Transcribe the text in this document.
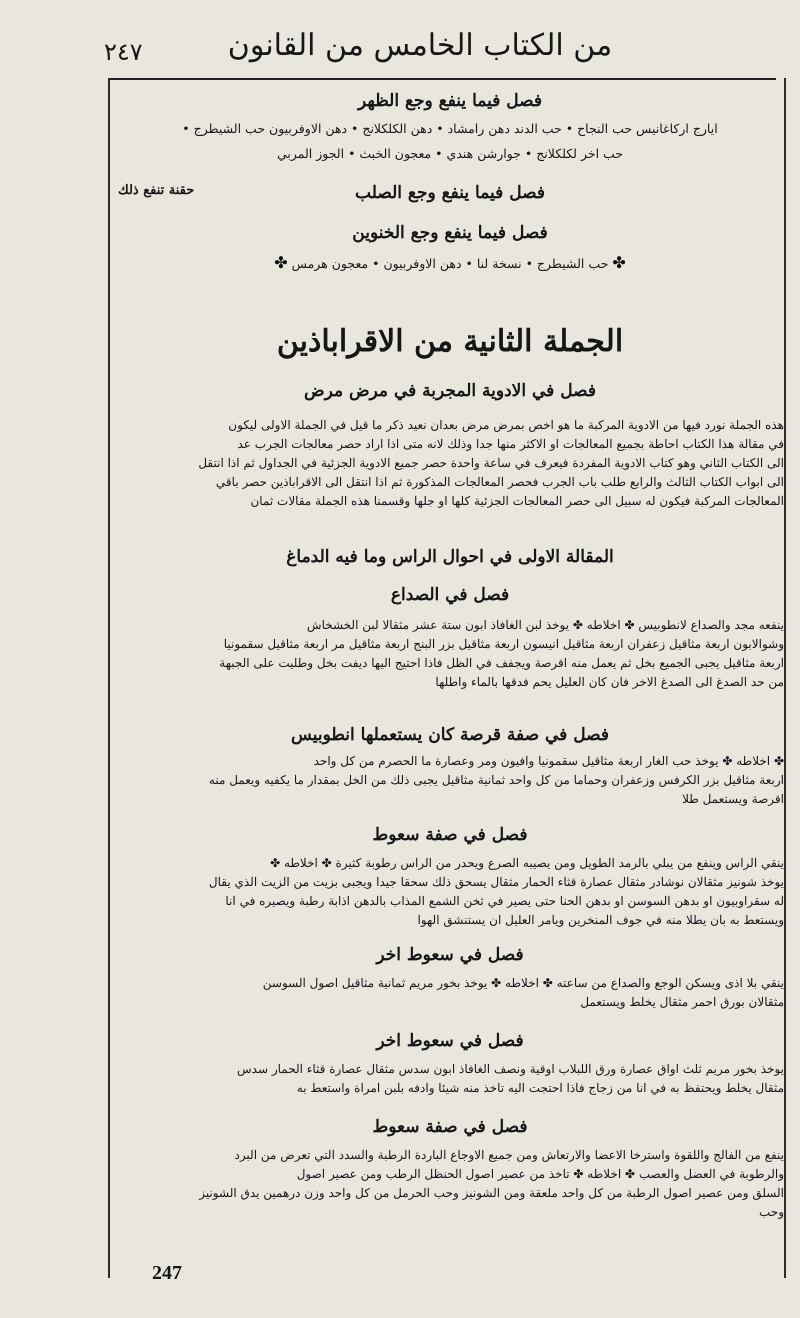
٢٤٧	من الكتاب الخامس من القانون
حقنة تنفع ذلك
فصل فيما ينفع وجع الظهر
ايارج اركاغانيس حب النجاح • حب الدند دهن رامشاد • دهن الكلكلانج • دهن الاوفربيون حب الشيطرج •
حب اخر لكلكلانج • جوارشن هندي • معجون الخبث • الجوز المربي
فصل فيما ينفع وجع الصلب
فصل فيما ينفع وجع الخنوين
✤ حب الشيطرج • نسخة لنا • دهن الاوفربيون • معجون هرمس ✤
الجملة الثانية من الاقراباذين
فصل في الادوية المجربة في مرض مرض
هذه الجملة نورد فيها من الادوية المركبة ما هو اخص بمرض مرض بعدان نعيد ذكر ما قيل في الجملة الاولى ليكون
في مقالة هذا الكتاب احاطة بجميع المعالجات او الاكثر منها جدا وذلك لانه متى اذا اراد حصر معالجات الجرب عد
الى الكتاب الثاني وهو كتاب الادوية المفردة فيعرف في ساعة واحدة حصر جميع الادوية الجزئية في الجداول ثم اذا انتقل
الى ابواب الكتاب الثالث والرابع طلب باب الجرب فحصر المعالجات المذكورة ثم اذا انتقل الى الاقراباذين حصر باقي
المعالجات المركبة فيكون له سبيل الى حصر المعالجات الجزئية كلها او جلها وقسمنا هذه الجملة مقالات ثمان
المقالة الاولى في احوال الراس وما فيه الدماغ
فصل في الصداع
ينفعه مجد والصداع لانطوبيس ✤ اخلاطه ✤ يوخذ لبن الغافاذ ابون ستة عشر مثقالا لبن الخشخاش
وشوالابون اربعة مثاقيل زعفران اربعة مثاقيل انيسون اربعة مثاقيل بزر البنج اربعة مثاقيل مر اربعة مثاقيل سقمونيا
اربعة مثاقيل يجبى الجميع بخل ثم يعمل منه اقرصة ويجفف في الظل فاذا احتيج اليها ديفت بخل وطليت على الجبهة
من حد الصدغ الى الصدغ الاخر فان كان العليل يحم فدقها بالماء واطلها
فصل في صفة قرصة كان يستعملها انطوبيس
✤ اخلاطه ✤ يوخذ حب الغار اربعة مثاقيل سقمونيا وافيون ومر وعصارة ما الحصرم من كل واحد
اربعة مثاقيل بزر الكرفس وزعفران وحماما من كل واحد ثمانية مثاقيل يجبى ذلك من الخل بمقدار ما يكفيه ويعمل منه
اقرصة ويستعمل طلا
فصل في صفة سعوط
ينقي الراس وينفع من يبلي بالرمد الطويل ومن يصيبه الصرع ويحدر من الراس رطوبة كثيرة ✤ اخلاطه ✤
يوخذ شونيز مثقالان نوشادر مثقال عصارة قثاء الحمار مثقال يسحق ذلك سحقا جيدا ويجبى بزيت من الزيت الذي يقال
له سقراوبيون او بدهن السوسن او بدهن الحنا حتى يصير في ثخن الشمع المذاب بالدهن اذابة رطبة ويصيره في انا
ويستعط به بان يطلا منه في جوف المنخرين ويامر العليل ان يستنشق الهوا
فصل في سعوط اخر
ينقي بلا اذى ويسكن الوجع والصداع من ساعته ✤ اخلاطه ✤ يوخذ بخور مريم ثمانية مثاقيل اصول السوسن
مثقالان بورق احمر مثقال يخلط ويستعمل
فصل في سعوط اخر
يوخذ بخور مريم ثلث اواق عصارة ورق اللبلاب اوقية ونصف الغافاذ ابون سدس مثقال عصارة قثاء الحمار سدس
مثقال يخلط ويحتفظ به في انا من زجاج فاذا احتجت اليه تاخذ منه شيئا وادفه بلبن امراة واستعط به
فصل في صفة سعوط
ينفع من الفالج واللقوة واسترخا الاعضا والارتعاش ومن جميع الاوجاع الباردة الرطبة والسدد التي تعرض من البرد
والرطوبة في العضل والعصب ✤ اخلاطه ✤ تاخذ من عصير اصول الحنظل الرطب ومن عصير اصول
السلق ومن عصير اصول الرطبة من كل واحد ملعقة ومن الشونيز وحب الحرمل من كل واحد وزن درهمين يدق الشونيز
وحب
247
